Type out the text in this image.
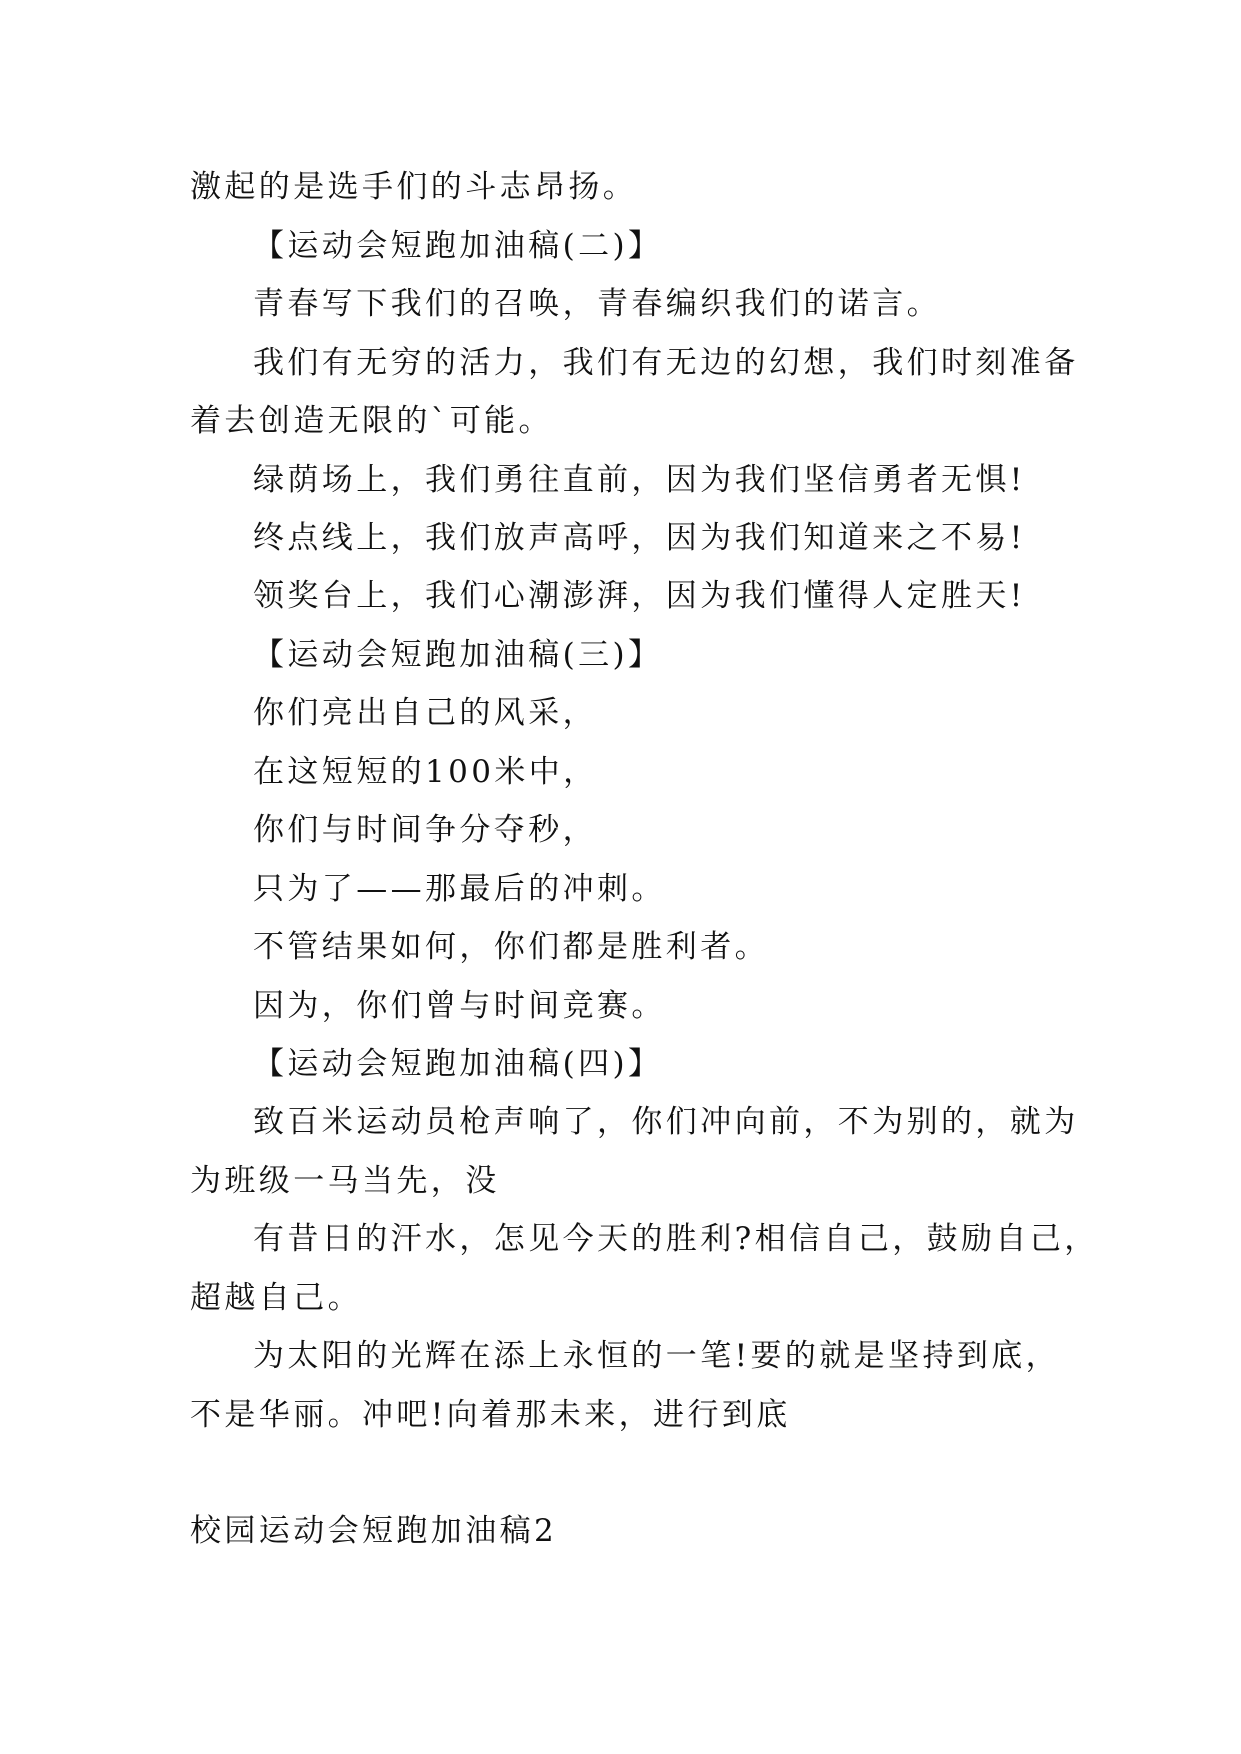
激起的是选手们的斗志昂扬。
【运动会短跑加油稿(二)】
青春写下我们的召唤，青春编织我们的诺言。
我们有无穷的活力，我们有无边的幻想，我们时刻准备
着去创造无限的`可能。
绿荫场上，我们勇往直前，因为我们坚信勇者无惧!
终点线上，我们放声高呼，因为我们知道来之不易!
领奖台上，我们心潮澎湃，因为我们懂得人定胜天!
【运动会短跑加油稿(三)】
你们亮出自己的风采，
在这短短的100米中，
你们与时间争分夺秒，
只为了——那最后的冲刺。
不管结果如何，你们都是胜利者。
因为，你们曾与时间竞赛。
【运动会短跑加油稿(四)】
致百米运动员枪声响了，你们冲向前，不为别的，就为
为班级一马当先，没
有昔日的汗水，怎见今天的胜利?相信自己，鼓励自己，
超越自己。
为太阳的光辉在添上永恒的一笔!要的就是坚持到底，
不是华丽。冲吧!向着那未来，进行到底
校园运动会短跑加油稿2
